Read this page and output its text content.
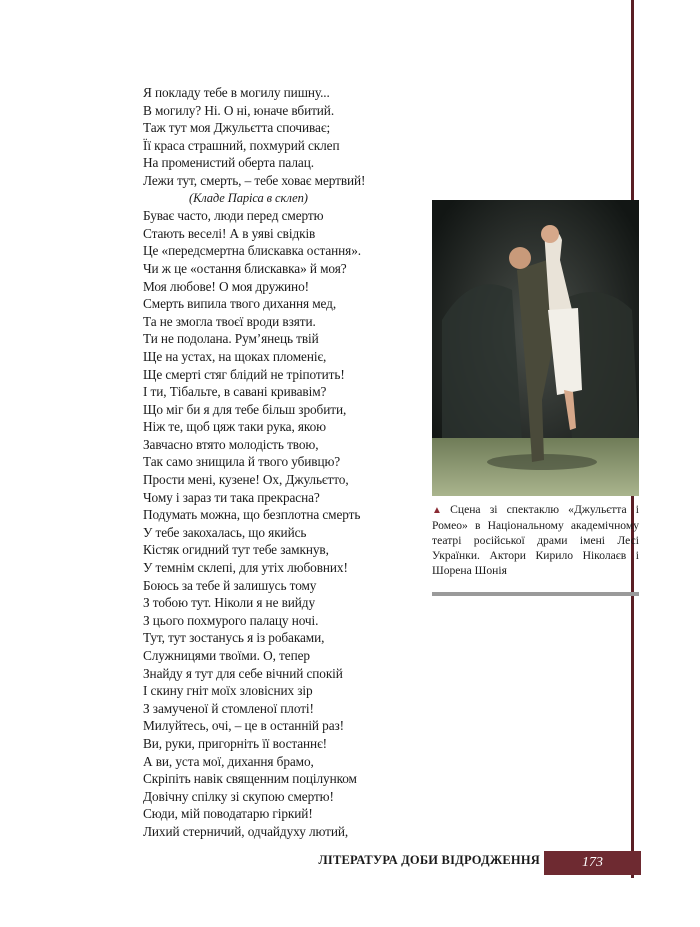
Я покладу тебе в могилу пишну...
В могилу? Ні. О ні, юначе вбитий.
Таж тут моя Джульєтта спочиває;
Її краса страшний, похмурий склеп
На променистий оберта палац.
Лежи тут, смерть, – тебе ховає мертвий!
(Кладе Паріса в склеп)
Буває часто, люди перед смертю
Стають веселі! А в уяві свідків
Це «передсмертна блискавка остання».
Чи ж це «остання блискавка» й моя?
Моя любове! О моя дружино!
Смерть випила твого дихання мед,
Та не змогла твоєї вроди взяти.
Ти не подолана. Рум’янець твій
Ще на устах, на щоках пломеніє,
Ще смерті стяг блідий не тріпотить!
І ти, Тібальте, в савані кривавім?
Що міг би я для тебе більш зробити,
Ніж те, щоб цяж таки рука, якою
Завчасно втято молодість твою,
Так само знищила й твого убивцю?
Прости мені, кузене! Ох, Джульєтто,
Чому і зараз ти така прекрасна?
Подумать можна, що безплотна смерть
У тебе закохалась, що якийсь
Кістяк огидний тут тебе замкнув,
У темнім склепі, для утіх любовних!
Боюсь за тебе й залишусь тому
З тобою тут. Ніколи я не вийду
З цього похмурого палацу ночі.
Тут, тут зостанусь я із робаками,
Служницями твоїми. О, тепер
Знайду я тут для себе вічний спокій
І скину гніт моїх зловісних зір
З замученої й стомленої плоті!
Милуйтесь, очі, – це в останній раз!
Ви, руки, пригорніть її востаннє!
А ви, уста мої, дихання брамо,
Скріпіть навік священним поцілунком
Довічну спілку зі скупою смертю!
Сюди, мій поводатарю гіркий!
Лихий стерничий, одчайдуху лютий,
▲ Сцена зі спектаклю «Джульєтта і Ромео» в Національному академічному театрі російської драми імені Лесі Українки. Актори Кирило Ніколаєв і Шорена Шонія
ЛІТЕРАТУРА ДОБИ ВІДРОДЖЕННЯ	173
